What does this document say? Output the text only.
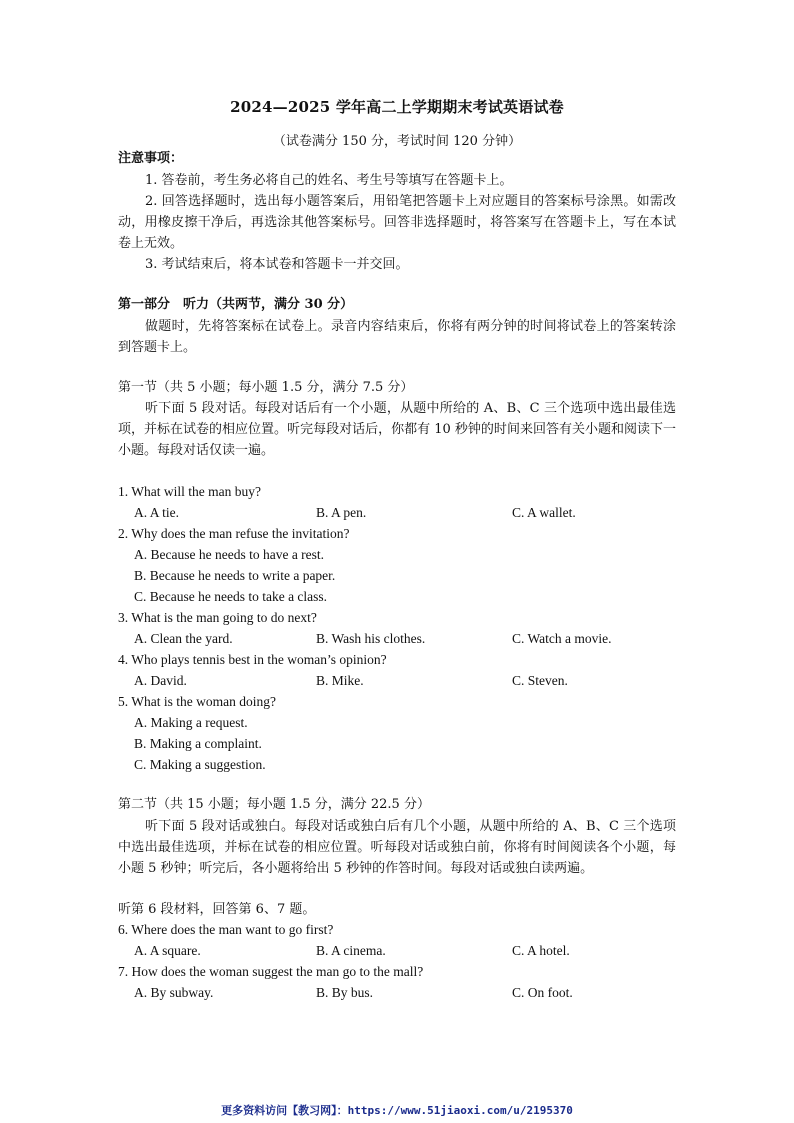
2024—2025 学年高二上学期期末考试英语试卷
（试卷满分 150 分，考试时间 120 分钟）
注意事项：
1. 答卷前，考生务必将自己的姓名、考生号等填写在答题卡上。
2. 回答选择题时，选出每小题答案后，用铅笔把答题卡上对应题目的答案标号涂黑。如需改动，用橡皮擦干净后，再选涂其他答案标号。回答非选择题时，将答案写在答题卡上，写在本试卷上无效。
3. 考试结束后，将本试卷和答题卡一并交回。
第一部分　听力（共两节，满分 30 分）
做题时，先将答案标在试卷上。录音内容结束后，你将有两分钟的时间将试卷上的答案转涂到答题卡上。
第一节（共 5 小题；每小题 1.5 分，满分 7.5 分）
听下面 5 段对话。每段对话后有一个小题，从题中所给的 A、B、C 三个选项中选出最佳选项，并标在试卷的相应位置。听完每段对话后，你都有 10 秒钟的时间来回答有关小题和阅读下一小题。每段对话仅读一遍。
1. What will the man buy?
A. A tie.	B. A pen.	C. A wallet.
2. Why does the man refuse the invitation?
A. Because he needs to have a rest.
B. Because he needs to write a paper.
C. Because he needs to take a class.
3. What is the man going to do next?
A. Clean the yard.	B. Wash his clothes.	C. Watch a movie.
4. Who plays tennis best in the woman’s opinion?
A. David.	B. Mike.	C. Steven.
5. What is the woman doing?
A. Making a request.
B. Making a complaint.
C. Making a suggestion.
第二节（共 15 小题；每小题 1.5 分，满分 22.5 分）
听下面 5 段对话或独白。每段对话或独白后有几个小题，从题中所给的 A、B、C 三个选项中选出最佳选项，并标在试卷的相应位置。听每段对话或独白前，你将有时间阅读各个小题，每小题 5 秒钟；听完后，各小题将给出 5 秒钟的作答时间。每段对话或独白读两遍。
听第 6 段材料，回答第 6、7 题。
6. Where does the man want to go first?
A. A square.	B. A cinema.	C. A hotel.
7. How does the woman suggest the man go to the mall?
A. By subway.	B. By bus.	C. On foot.
更多资料访问【教习网】：https://www.51jiaoxi.com/u/2195370
